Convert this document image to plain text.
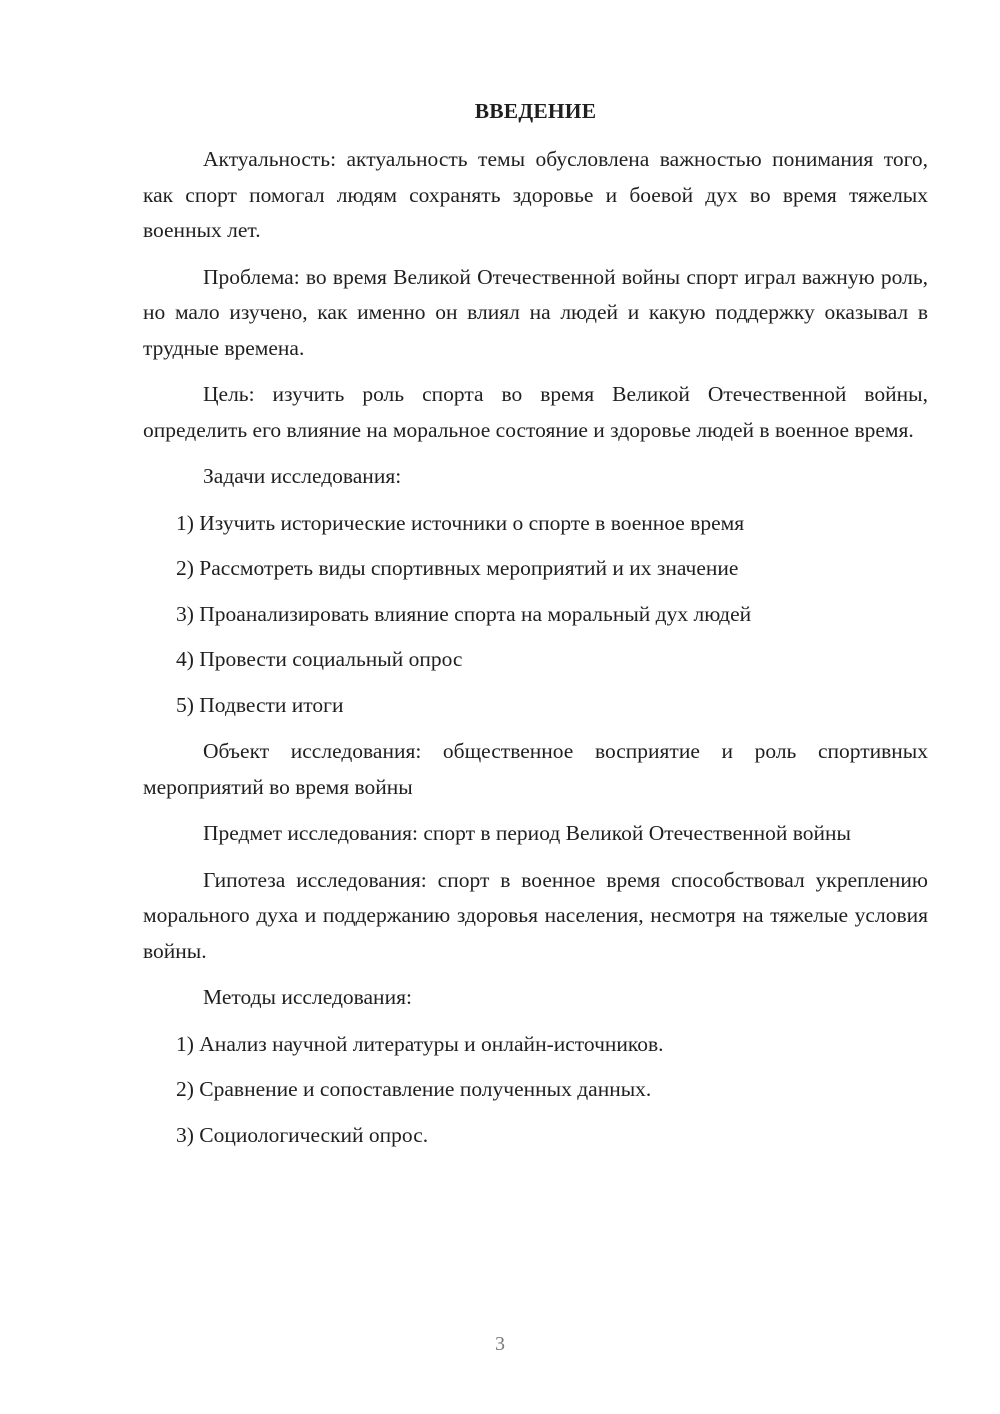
ВВЕДЕНИЕ

Актуальность: актуальность темы обусловлена важностью понимания того, как спорт помогал людям сохранять здоровье и боевой дух во время тяжелых военных лет.

Проблема: во время Великой Отечественной войны спорт играл важную роль, но мало изучено, как именно он влиял на людей и какую поддержку оказывал в трудные времена.

Цель: изучить роль спорта во время Великой Отечественной войны, определить его влияние на моральное состояние и здоровье людей в военное время.

Задачи исследования:

1) Изучить исторические источники о спорте в военное время
2) Рассмотреть виды спортивных мероприятий и их значение
3) Проанализировать влияние спорта на моральный дух людей
4) Провести социальный опрос
5) Подвести итоги

Объект исследования: общественное восприятие и роль спортивных мероприятий во время войны

Предмет исследования: спорт в период Великой Отечественной войны

Гипотеза исследования: спорт в военное время способствовал укреплению морального духа и поддержанию здоровья населения, несмотря на тяжелые условия войны.

Методы исследования:

1) Анализ научной литературы и онлайн-источников.
2) Сравнение и сопоставление полученных данных.
3) Социологический опрос.
3
